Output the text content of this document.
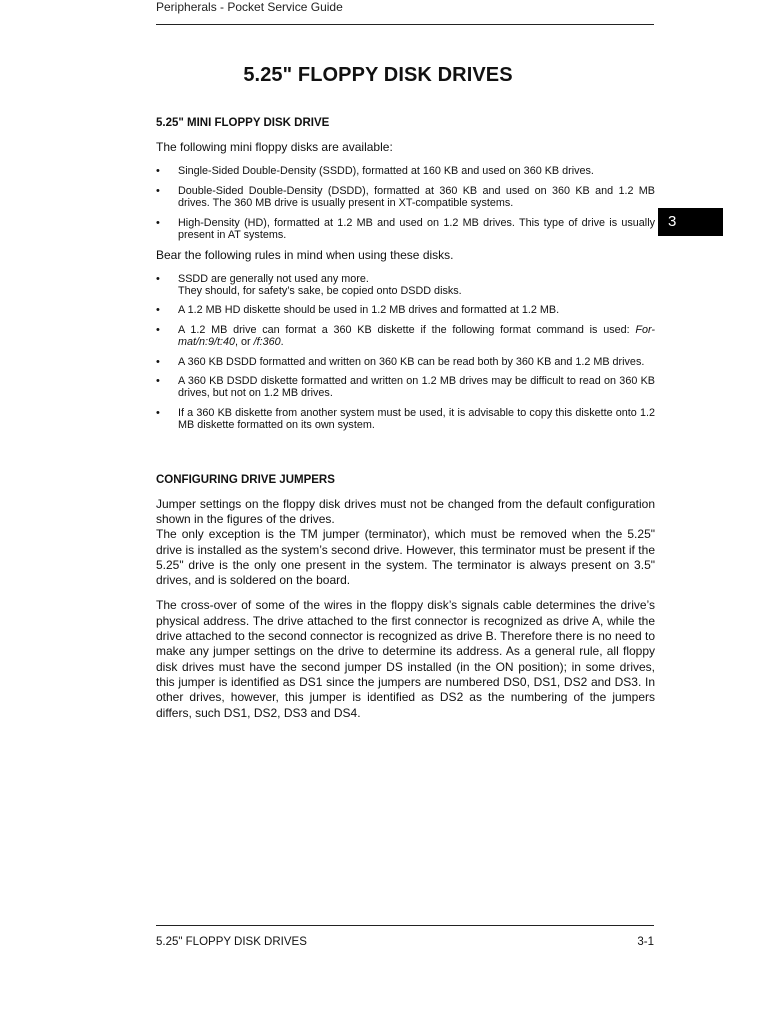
Peripherals - Pocket Service Guide
5.25" FLOPPY DISK DRIVES
3
5.25" MINI FLOPPY DISK DRIVE

The following mini floppy disks are available:

• Single-Sided Double-Density (SSDD), formatted at 160 KB and used on 360 KB drives.
• Double-Sided Double-Density (DSDD), formatted at 360 KB and used on 360 KB and 1.2 MB drives. The 360 MB drive is usually present in XT-compatible systems.
• High-Density (HD), formatted at 1.2 MB and used on 1.2 MB drives. This type of drive is usually present in AT systems.

Bear the following rules in mind when using these disks.

• SSDD are generally not used any more.
They should, for safety’s sake, be copied onto DSDD disks.
• A 1.2 MB HD diskette should be used in 1.2 MB drives and formatted at 1.2 MB.
• A 1.2 MB drive can format a 360 KB diskette if the following format command is used: For-mat/n:9/t:40, or /f:360.
• A 360 KB DSDD formatted and written on 360 KB can be read both by 360 KB and 1.2 MB drives.
• A 360 KB DSDD diskette formatted and written on 1.2 MB drives may be difficult to read on 360 KB drives, but not on 1.2 MB drives.
• If a 360 KB diskette from another system must be used, it is advisable to copy this diskette onto 1.2 MB diskette formatted on its own system.
CONFIGURING DRIVE JUMPERS

Jumper settings on the floppy disk drives must not be changed from the default configuration shown in the figures of the drives.

The only exception is the TM jumper (terminator), which must be removed when the 5.25" drive is installed as the system’s second drive. However, this terminator must be present if the 5.25" drive is the only one present in the system. The terminator is always present on 3.5" drives, and is soldered on the board.

The cross-over of some of the wires in the floppy disk’s signals cable determines the drive’s physical address. The drive attached to the first connector is recognized as drive A, while the drive attached to the second connector is recognized as drive B. Therefore there is no need to make any jumper settings on the drive to determine its address. As a general rule, all floppy disk drives must have the second jumper DS installed (in the ON position); in some drives, this jumper is identified as DS1 since the jumpers are numbered DS0, DS1, DS2 and DS3. In other drives, however, this jumper is identified as DS2 as the numbering of the jumpers differs, such DS1, DS2, DS3 and DS4.

5.25" FLOPPY DISK DRIVES	3-1
